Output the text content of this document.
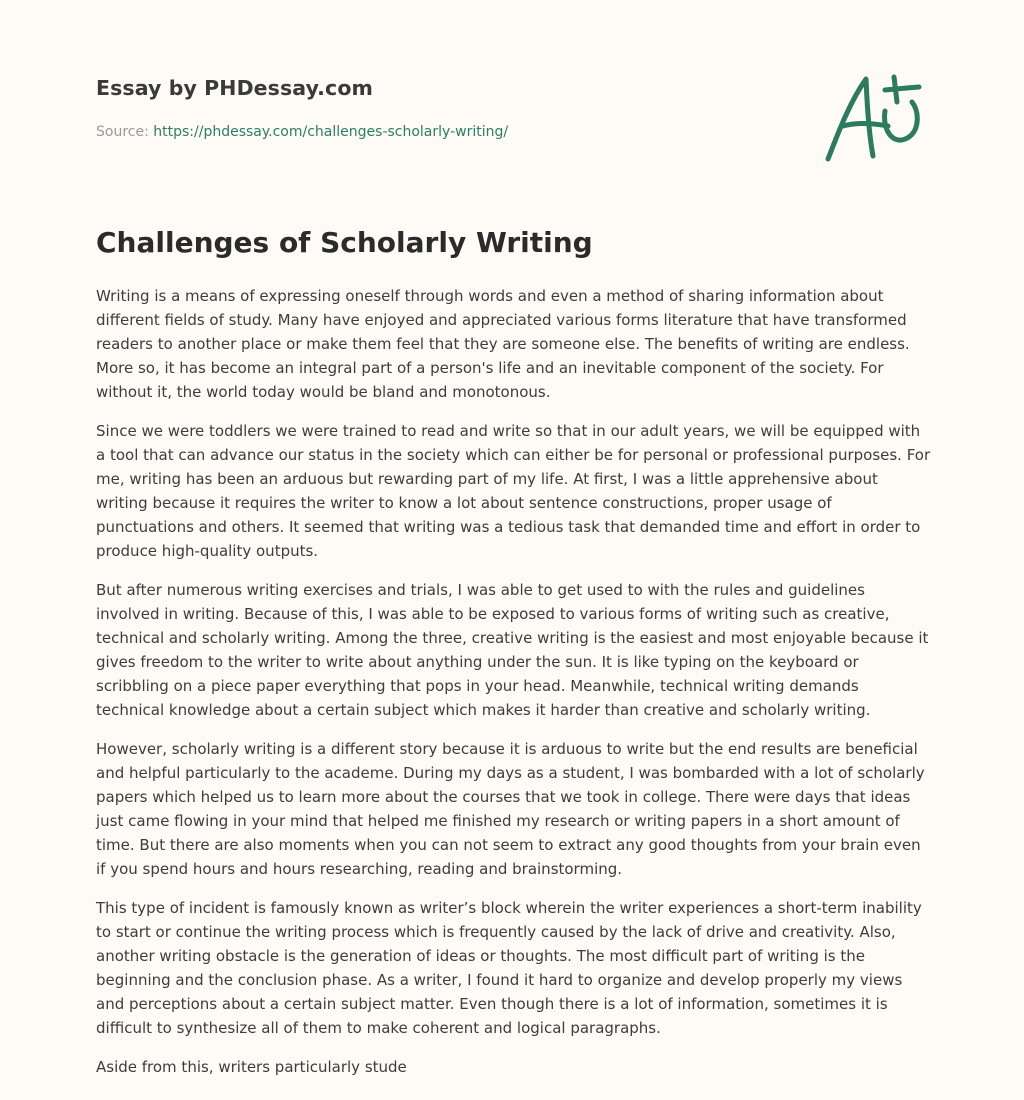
Essay by PHDessay.com
Source: https://phdessay.com/challenges-scholarly-writing/
Challenges of Scholarly Writing

Writing is a means of expressing oneself through words and even a method of sharing information about different fields of study. Many have enjoyed and appreciated various forms literature that have transformed readers to another place or make them feel that they are someone else. The benefits of writing are endless. More so, it has become an integral part of a person's life and an inevitable component of the society. For without it, the world today would be bland and monotonous.

Since we were toddlers we were trained to read and write so that in our adult years, we will be equipped with a tool that can advance our status in the society which can either be for personal or professional purposes. For me, writing has been an arduous but rewarding part of my life. At first, I was a little apprehensive about writing because it requires the writer to know a lot about sentence constructions, proper usage of punctuations and others. It seemed that writing was a tedious task that demanded time and effort in order to produce high-quality outputs.

But after numerous writing exercises and trials, I was able to get used to with the rules and guidelines involved in writing. Because of this, I was able to be exposed to various forms of writing such as creative, technical and scholarly writing. Among the three, creative writing is the easiest and most enjoyable because it gives freedom to the writer to write about anything under the sun. It is like typing on the keyboard or scribbling on a piece paper everything that pops in your head. Meanwhile, technical writing demands technical knowledge about a certain subject which makes it harder than creative and scholarly writing.

However, scholarly writing is a different story because it is arduous to write but the end results are beneficial and helpful particularly to the academe. During my days as a student, I was bombarded with a lot of scholarly papers which helped us to learn more about the courses that we took in college. There were days that ideas just came flowing in your mind that helped me finished my research or writing papers in a short amount of time. But there are also moments when you can not seem to extract any good thoughts from your brain even if you spend hours and hours researching, reading and brainstorming.

This type of incident is famously known as writer’s block wherein the writer experiences a short-term inability to start or continue the writing process which is frequently caused by the lack of drive and creativity. Also, another writing obstacle is the generation of ideas or thoughts. The most difficult part of writing is the beginning and the conclusion phase. As a writer, I found it hard to organize and develop properly my views and perceptions about a certain subject matter. Even though there is a lot of information, sometimes it is difficult to synthesize all of them to make coherent and logical paragraphs.

Aside from this, writers particularly stude
